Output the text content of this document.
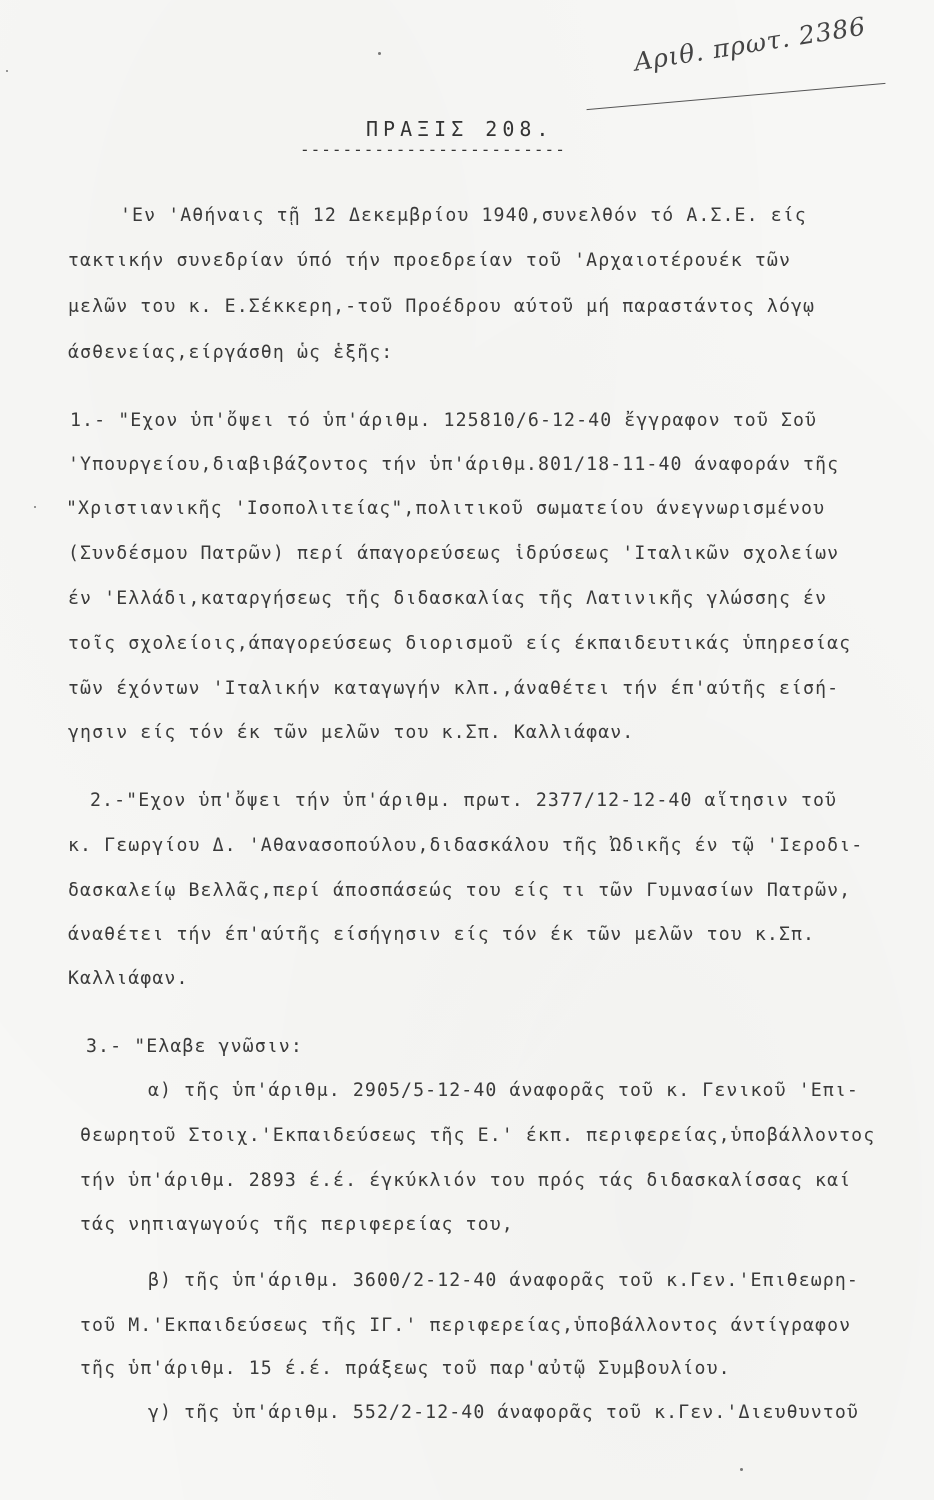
Αριθ. πρωτ. 2386
ΠΡΑΞΙΣ 208.
-------------------------
'Εν 'Αθήναις τῇ 12 Δεκεμβρίου 1940,συνελθόν τό Α.Σ.Ε. είς
τακτικήν συνεδρίαν ύπό τήν προεδρείαν τοῦ 'Αρχαιοτέρουέκ τῶν
μελῶν του κ. Ε.Σέκκερη,-τοῦ Προέδρου αύτοῦ μή παραστάντος λόγῳ
άσθενείας,είργάσθη ὡς ἑξῆς:
1.- "Εχον ὑπ'ὄψει τό ὑπ'άριθμ. 125810/6-12-40 ἔγγραφον τοῦ Σοῦ
'Υπουργείου,διαβιβάζοντος τήν ὑπ'άριθμ.801/18-11-40 άναφοράν τῆς
"Χριστιανικῆς 'Ισοπολιτείας",πολιτικοῦ σωματείου άνεγνωρισμένου
(Συνδέσμου Πατρῶν) περί άπαγορεύσεως ἱδρύσεως 'Ιταλικῶν σχολείων
έν 'Ελλάδι,καταργήσεως τῆς διδασκαλίας τῆς Λατινικῆς γλώσσης έν
τοῖς σχολείοις,άπαγορεύσεως διορισμοῦ είς έκπαιδευτικάς ὑπηρεσίας
τῶν έχόντων 'Ιταλικήν καταγωγήν κλπ.,άναθέτει τήν έπ'αύτῆς είσή-
γησιν είς τόν έκ τῶν μελῶν του κ.Σπ. Καλλιάφαν.
2.-"Εχον ὑπ'ὄψει τήν ὑπ'άριθμ. πρωτ. 2377/12-12-40 αἵτησιν τοῦ
κ. Γεωργίου Δ. 'Αθανασοπούλου,διδασκάλου τῆς Ὠδικῆς έν τῷ 'Ιεροδι-
δασκαλείῳ Βελλᾶς,περί άποσπάσεώς του είς τι τῶν Γυμνασίων Πατρῶν,
άναθέτει τήν έπ'αύτῆς είσήγησιν είς τόν έκ τῶν μελῶν του κ.Σπ.
Καλλιάφαν.
3.- "Ελαβε γνῶσιν:
α) τῆς ὑπ'άριθμ. 2905/5-12-40 άναφορᾶς τοῦ κ. Γενικοῦ 'Επι-
θεωρητοῦ Στοιχ.'Εκπαιδεύσεως τῆς Ε.' έκπ. περιφερείας,ὑποβάλλοντος
τήν ὑπ'άριθμ. 2893 έ.έ. έγκύκλιόν του πρός τάς διδασκαλίσσας καί
τάς νηπιαγωγούς τῆς περιφερείας του,
β) τῆς ὑπ'άριθμ. 3600/2-12-40 άναφορᾶς τοῦ κ.Γεν.'Επιθεωρη-
τοῦ Μ.'Εκπαιδεύσεως τῆς ΙΓ.' περιφερείας,ὑποβάλλοντος άντίγραφον
τῆς ὑπ'άριθμ. 15 έ.έ. πράξεως τοῦ παρ'αὐτῷ Συμβουλίου.
γ) τῆς ὑπ'άριθμ. 552/2-12-40 άναφορᾶς τοῦ κ.Γεν.'Διευθυντοῦ
